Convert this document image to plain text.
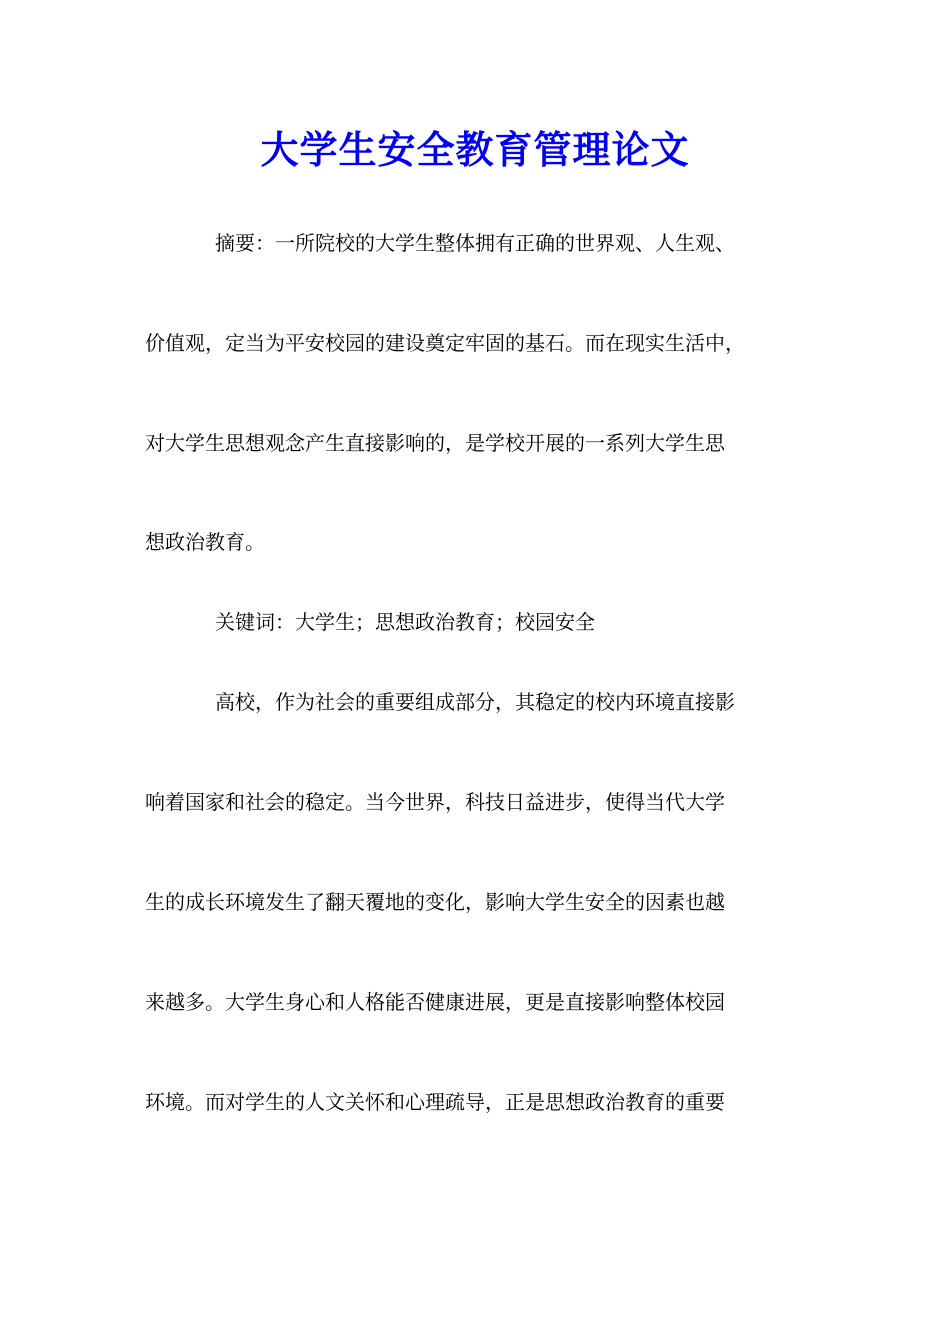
大学生安全教育管理论文
摘要：一所院校的大学生整体拥有正确的世界观、人生观、
价值观，定当为平安校园的建设奠定牢固的基石。而在现实生活中，
对大学生思想观念产生直接影响的，是学校开展的一系列大学生思
想政治教育。
关键词：大学生；思想政治教育；校园安全
高校，作为社会的重要组成部分，其稳定的校内环境直接影
响着国家和社会的稳定。当今世界，科技日益进步，使得当代大学
生的成长环境发生了翻天覆地的变化，影响大学生安全的因素也越
来越多。大学生身心和人格能否健康进展，更是直接影响整体校园
环境。而对学生的人文关怀和心理疏导，正是思想政治教育的重要
